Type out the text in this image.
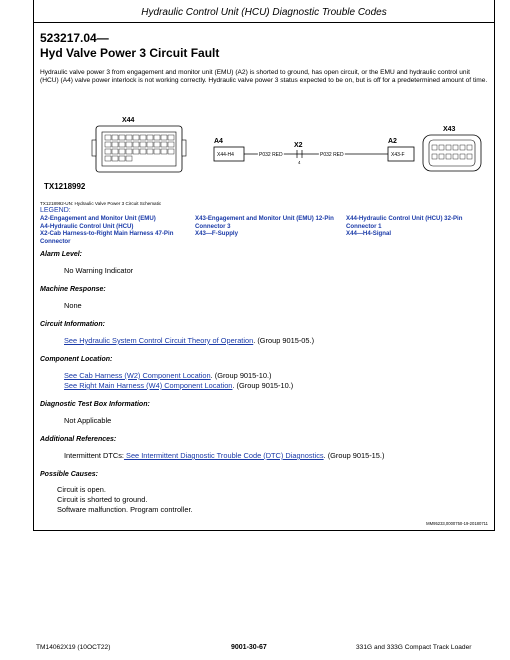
Hydraulic Control Unit (HCU) Diagnostic Trouble Codes
523217.04—
Hyd Valve Power 3 Circuit Fault
Hydraulic valve power 3 from engagement and monitor unit (EMU) (A2) is shorted to ground, has open circuit, or the EMU and hydraulic control unit (HCU) (A4) valve power interlock is not working correctly. Hydraulic valve power 3 status expected to be on, but is off for a predetermined amount of time.
X44
A4
X44-H4	P032 RED
X2
4
P032 RED
A2
X43-F
X43
TX1218992
TX1218992-UN: Hydraulic Valve Power 3 Circuit Schematic
LEGEND:
A2-Engagement and Monitor Unit (EMU)
A4-Hydraulic Control Unit (HCU)
X2-Cab Harness-to-Right Main Harness 47-Pin Connector
X43-Engagement and Monitor Unit (EMU) 12-Pin Connector 3
X43—F-Supply
X44-Hydraulic Control Unit (HCU) 32-Pin Connector 1
X44—H4-Signal
Alarm Level:
No Warning Indicator
Machine Response:
None
Circuit Information:
See Hydraulic System Control Circuit Theory of Operation. (Group 9015-05.)
Component Location:
See Cab Harness (W2) Component Location. (Group 9015-10.)
See Right Main Harness (W4) Component Location. (Group 9015-10.)
Diagnostic Test Box Information:
Not Applicable
Additional References:
Intermittent DTCs: See Intermittent Diagnostic Trouble Code (DTC) Diagnostics. (Group 9015-15.)
Possible Causes:
Circuit is open.
Circuit is shorted to ground.
Software malfunction. Program controller.
MM95233,0000750-19-20180711
TM14062X19 (10OCT22)	9001-30-67	331G and 333G Compact Track Loader
